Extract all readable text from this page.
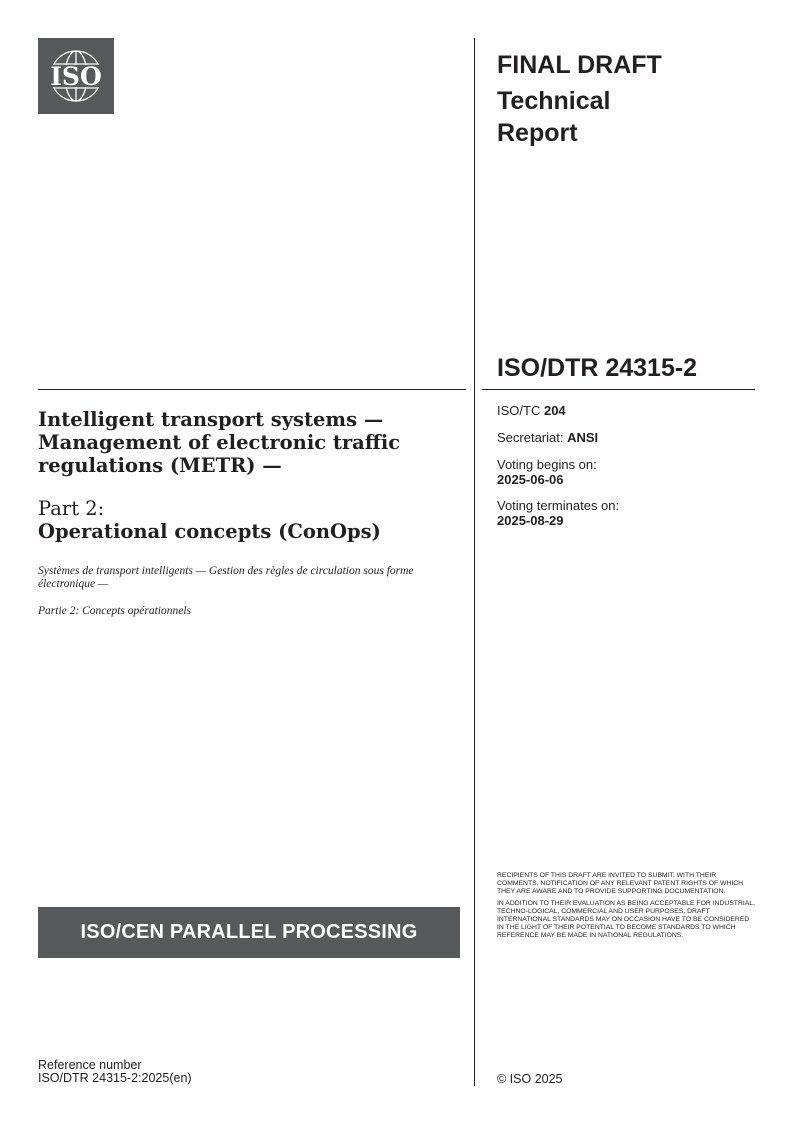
ISO	FINAL DRAFT
Technical Report
ISO/DTR 24315-2
ISO/TC 204
Secretariat: ANSI
Voting begins on:
2025-06-06
Voting terminates on:
2025-08-29
Intelligent transport systems — Management of electronic traffic regulations (METR) —
Part 2:
Operational concepts (ConOps)
Systèmes de transport intelligents — Gestion des règles de circulation sous forme électronique —
Partie 2: Concepts opérationnels
ISO/CEN PARALLEL PROCESSING

RECIPIENTS OF THIS DRAFT ARE INVITED TO SUBMIT, WITH THEIR COMMENTS, NOTIFICATION OF ANY RELEVANT PATENT RIGHTS OF WHICH THEY ARE AWARE AND TO PROVIDE SUPPORTING DOCUMENTATION.

IN ADDITION TO THEIR EVALUATION AS BEING ACCEPTABLE FOR INDUSTRIAL, TECHNO-LOGICAL, COMMERCIAL AND USER PURPOSES, DRAFT INTERNATIONAL STANDARDS MAY ON OCCASION HAVE TO BE CONSIDERED IN THE LIGHT OF THEIR POTENTIAL TO BECOME STANDARDS TO WHICH REFERENCE MAY BE MADE IN NATIONAL REGULATIONS.

Reference number
ISO/DTR 24315-2:2025(en)	© ISO 2025
